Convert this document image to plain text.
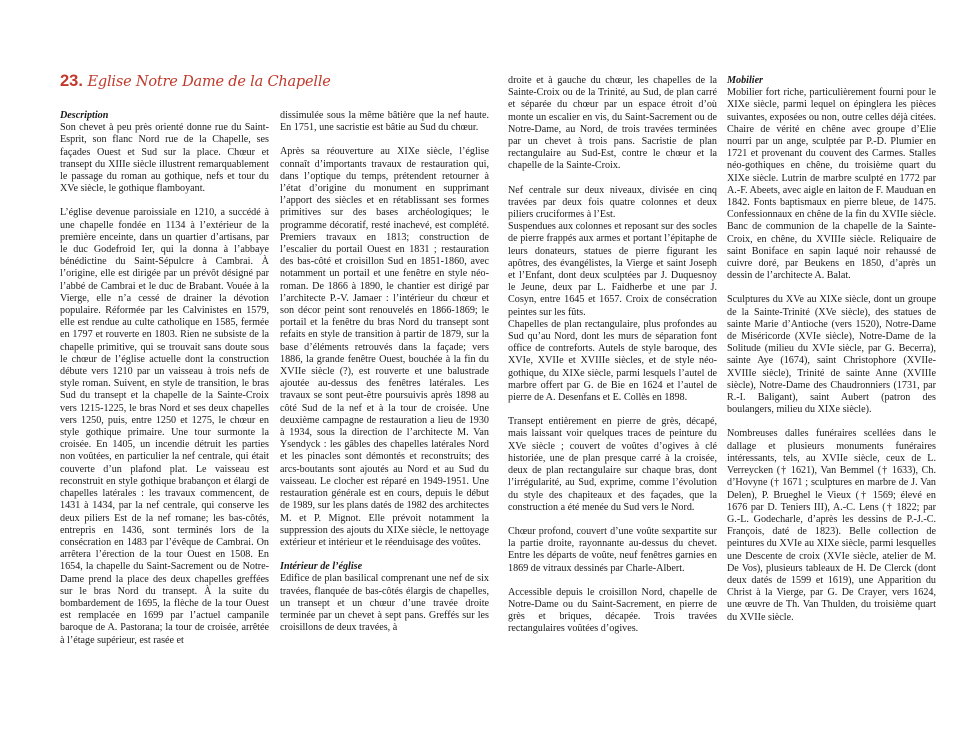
23. Eglise Notre Dame de la Chapelle
Description

Son chevet à peu près orienté donne rue du Saint-Esprit, son flanc Nord rue de la Chapelle, ses façades Ouest et Sud sur la place. Chœur et transept du XIIIe siècle illustrent remarquablement le passage du roman au gothique, nefs et tour du XVe siècle, le gothique flamboyant.

L’église devenue paroissiale en 1210, a succédé à une chapelle fondée en 1134 à l’extérieur de la première enceinte, dans un quartier d’artisans, par le duc Godefroid Ier, qui la donna à l’abbaye bénédictine du Saint-Sépulcre à Cambrai. À l’origine, elle est dirigée par un prévôt désigné par l’abbé de Cambrai et le duc de Brabant. Vouée à la Vierge, elle n’a cessé de drainer la dévotion populaire. Réformée par les Calvinistes en 1579, elle est rendue au culte catholique en 1585, fermée en 1797 et rouverte en 1803. Rien ne subsiste de la chapelle primitive, qui se trouvait sans doute sous le chœur de l’église actuelle dont la construction débute vers 1210 par un vaisseau à trois nefs de style roman. Suivent, en style de transition, le bras Sud du transept et la chapelle de la Sainte-Croix vers 1215-1225, le bras Nord et ses deux chapelles vers 1250, puis, entre 1250 et 1275, le chœur en style gothique primaire. Une tour surmonte la croisée. En 1405, un incendie détruit les parties non voûtées, en particulier la nef centrale, qui était couverte d’un plafond plat. Le vaisseau est reconstruit en style gothique brabançon et élargi de chapelles latérales : les travaux commencent, de 1431 à 1434, par la nef centrale, qui conserve les deux piliers Est de la nef romane; les bas-côtés, entrepris en 1436, sont terminés lors de la consécration en 1483 par l’évêque de Cambrai. On arrêtera l’érection de la tour Ouest en 1508. En 1654, la chapelle du Saint-Sacrement ou de Notre-Dame prend la place des deux chapelles greffées sur le bras Nord du transept. À la suite du bombardement de 1695, la flèche de la tour Ouest est remplacée en 1699 par l’actuel campanile baroque de A. Pastorana; la tour de croisée, arrêtée à l’étage supérieur, est rasée et

dissimulée sous la même bâtière que la nef haute. En 1751, une sacristie est bâtie au Sud du chœur.

Après sa réouverture au XIXe siècle, l’église connaît d’importants travaux de restauration qui, dans l’optique du temps, prétendent retourner à l’état d’origine du monument en supprimant l’apport des siècles et en rétablissant ses formes primitives sur des bases archéologiques; le programme décoratif, resté inachevé, est complété. Premiers travaux en 1813; construction de l’escalier du portail Ouest en 1831 ; restauration des bas-côté et croisillon Sud en 1851-1860, avec notamment un portail et une fenêtre en style néo-roman. De 1866 à 1890, le chantier est dirigé par l’architecte P.-V. Jamaer : l’intérieur du chœur et son décor peint sont renouvelés en 1866-1869; le portail et la fenêtre du bras Nord du transept sont refaits en style de transition à partir de 1879, sur la base d’éléments retrouvés dans la façade; vers 1886, la grande fenêtre Ouest, bouchée à la fin du XVIIe siècle (?), est rouverte et une balustrade ajoutée au-dessus des fenêtres latérales. Les travaux se sont peut-être poursuivis après 1898 au côté Sud de la nef et à la tour de croisée. Une deuxième campagne de restauration a lieu de 1930 à 1934, sous la direction de l’architecte M. Van Ysendyck : les gâbles des chapelles latérales Nord et les pinacles sont démontés et reconstruits; des arcs-boutants sont ajoutés au Nord et au Sud du vaisseau. Le clocher est réparé en 1949-1951. Une restauration générale est en cours, depuis le début de 1989, sur les plans datés de 1982 des architectes M. et P. Mignot. Elle prévoit notamment la suppression des ajouts du XIXe siècle, le nettoyage extérieur et intérieur et le réenduisage des voûtes.

Intérieur de l’église

Edifice de plan basilical comprenant une nef de six travées, flanquée de bas-côtés élargis de chapelles, un transept et un chœur d’une travée droite terminée par un chevet à sept pans. Greffés sur les croisillons de deux travées, à

droite et à gauche du chœur, les chapelles de la Sainte-Croix ou de la Trinité, au Sud, de plan carré et séparée du chœur par un espace étroit d’où monte un escalier en vis, du Saint-Sacrement ou de Notre-Dame, au Nord, de trois travées terminées par un chevet à trois pans. Sacristie de plan rectangulaire au Sud-Est, contre le chœur et la chapelle de la Sainte-Croix.

Nef centrale sur deux niveaux, divisée en cinq travées par deux fois quatre colonnes et deux piliers cruciformes à l’Est.

Suspendues aux colonnes et reposant sur des socles de pierre frappés aux armes et portant l’épitaphe de leurs donateurs, statues de pierre figurant les apôtres, des évangélistes, la Vierge et saint Joseph et l’Enfant, dont deux sculptées par J. Duquesnoy le Jeune, deux par L. Faidherbe et une par J. Cosyn, entre 1645 et 1657. Croix de consécration peintes sur les fûts.

Chapelles de plan rectangulaire, plus profondes au Sud qu’au Nord, dont les murs de séparation font office de contreforts. Autels de style baroque, des XVIe, XVIIe et XVIIIe siècles, et de style néo-gothique, du XIXe siècle, parmi lesquels l’autel de marbre offert par G. de Bie en 1624 et l’autel de pierre de A. Desenfans et E. Collès en 1898.

Transept entièrement en pierre de grès, décapé, mais laissant voir quelques traces de peinture du XVe siècle ; couvert de voûtes d’ogives à clé historiée, une de plan presque carré à la croisée, deux de plan rectangulaire sur chaque bras, dont l’irrégularité, au Sud, exprime, comme l’évolution du style des chapiteaux et des façades, que la construction a été menée du Sud vers le Nord.

Chœur profond, couvert d’une voûte sexpartite sur la partie droite, rayonnante au-dessus du chevet. Entre les départs de voûte, neuf fenêtres garnies en 1869 de vitraux dessinés par Charle-Albert.

Accessible depuis le croisillon Nord, chapelle de Notre-Dame ou du Saint-Sacrement, en pierre de grès et briques, décapée. Trois travées rectangulaires voûtées d’ogives.

Mobilier

Mobilier fort riche, particulièrement fourni pour le XIXe siècle, parmi lequel on épinglera les pièces suivantes, exposées ou non, outre celles déjà citées. Chaire de vérité en chêne avec groupe d’Elie nourri par un ange, sculptée par P.-D. Plumier en 1721 et provenant du couvent des Carmes. Stalles néo-gothiques en chêne, du troisième quart du XIXe siècle. Lutrin de marbre sculpté en 1772 par A.-F. Abeets, avec aigle en laiton de F. Mauduan en 1842. Fonts baptismaux en pierre bleue, de 1475. Confessionnaux en chêne de la fin du XVIIe siècle. Banc de communion de la chapelle de la Sainte-Croix, en chêne, du XVIIIe siècle. Reliquaire de saint Boniface en sapin laqué noir rehaussé de cuivre doré, par Beukens en 1850, d’après un dessin de l’architecte A. Balat.

Sculptures du XVe au XIXe siècle, dont un groupe de la Sainte-Trinité (XVe siècle), des statues de sainte Marie d’Antioche (vers 1520), Notre-Dame de Miséricorde (XVIe siècle), Notre-Dame de la Solitude (milieu du XVIe siècle, par G. Becerra), sainte Aye (1674), saint Christophore (XVIIe-XVIIIe siècle), Trinité de sainte Anne (XVIIIe siècle), Notre-Dame des Chaudronniers (1731, par R.-I. Baligant), saint Aubert (patron des boulangers, milieu du XIXe siècle).

Nombreuses dalles funéraires scellées dans le dallage et plusieurs monuments funéraires intéressants, tels, au XVIIe siècle, ceux de L. Verreycken († 1621), Van Bemmel († 1633), Ch. d’Hovyne († 1671 ; sculptures en marbre de J. Van Delen), P. Brueghel le Vieux († 1569; élevé en 1676 par D. Teniers III), A.-C. Lens († 1822; par G.-L. Godecharle, d’après les dessins de P.-J.-C. François, daté de 1823). Belle collection de peintures du XVIe au XIXe siècle, parmi lesquelles une Descente de croix (XVIe siècle, atelier de M. De Vos), plusieurs tableaux de H. De Clerck (dont deux datés de 1599 et 1619), une Apparition du Christ à la Vierge, par G. De Crayer, vers 1624, une œuvre de Th. Van Thulden, du troisième quart du XVIIe siècle.
